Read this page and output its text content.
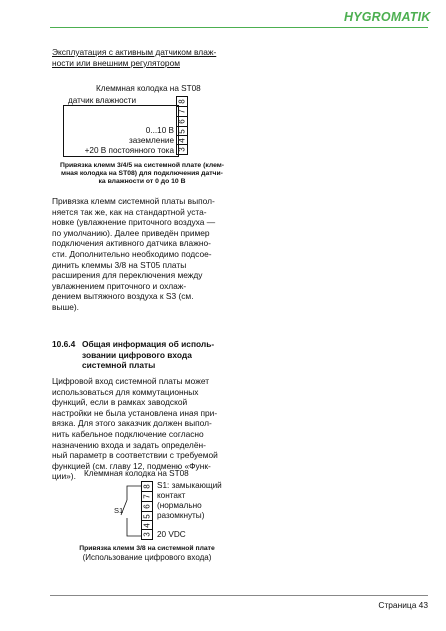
HYGROMATIK
Эксплуатация с активным датчиком влаж-
ности или внешним регулятором
Клеммная колодка на ST08
датчик влажности	8
7
6
5
4
3
0...10 В
заземление
+20 В постоянного тока
Привязка клемм 3/4/5 на системной плате (клем-
мная колодка на ST08) для подключения датчи-
ка влажности от 0 до 10 В
Привязка клемм системной платы выпол-
няется так же, как на стандартной уста-
новке (увлажнение приточного воздуха —
по умолчанию). Далее приведён пример
подключения активного датчика влажно-
сти. Дополнительно необходимо подсое-
динить клеммы 3/8 на ST05 платы
расширения для переключения между
увлажнением приточного и охлаж-
дением вытяжного воздуха к S3 (см.
выше).
10.6.4 Общая информация об исполь-
зовании цифрового входа
системной платы
Цифровой вход системной платы может
использоваться для коммутационных
функций, если в рамках заводской
настройки не была установлена иная при-
вязка. Для этого заказчик должен выпол-
нить кабельное подключение согласно
назначению входа и задать определён-
ный параметр в соответствии с требуемой
функцией (см. главу 12, подменю «Функ-
ции»). Клеммная колодка на ST08
S1
8
7
6
5
4
3
S1: замыкающий
контакт
(нормально
разомкнуты)
20 VDC
Привязка клемм 3/8 на системной плате
(Использование цифрового входа)
Страница 43
